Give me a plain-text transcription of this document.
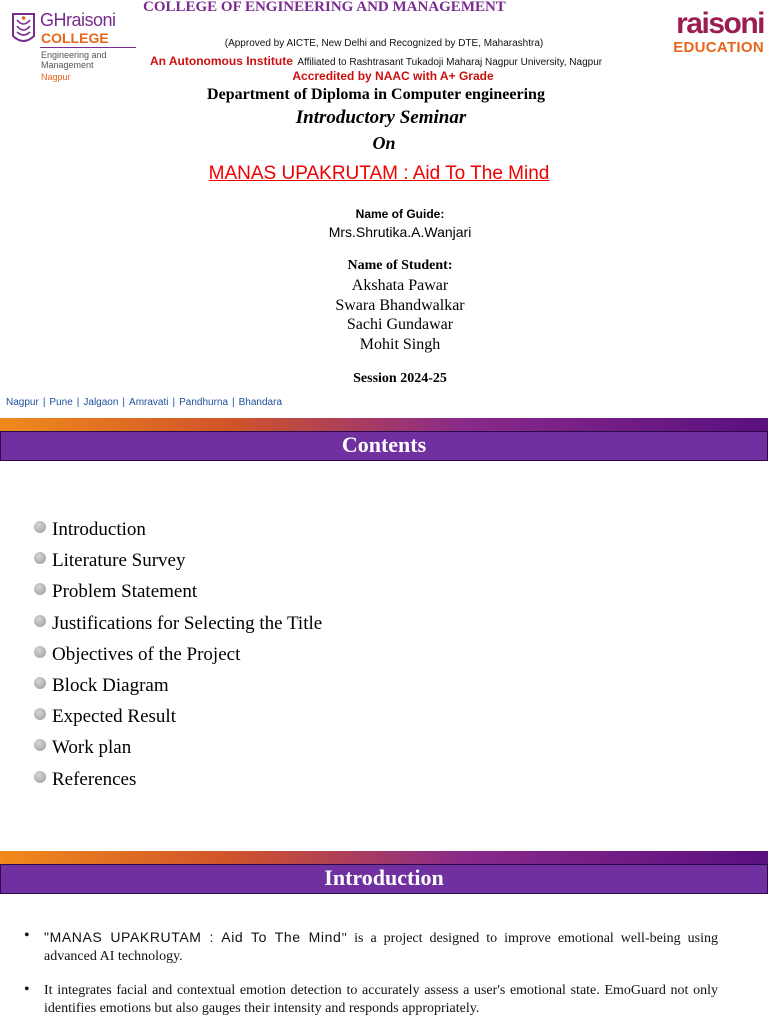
GHraisoni
COLLEGE
Engineering and Management
Nagpur
raisoni
EDUCATION
COLLEGE OF ENGINEERING AND MANAGEMENT
(Approved by AICTE, New Delhi and Recognized by DTE, Maharashtra)
An Autonomous Institute Affiliated to Rashtrasant Tukadoji Maharaj Nagpur University, Nagpur
Accredited by NAAC with A+ Grade
Department of Diploma in Computer engineering
Introductory Seminar
On
MANAS UPAKRUTAM : Aid To The Mind
Name of Guide:
Mrs.Shrutika.A.Wanjari
Name of Student:
Akshata Pawar
Swara Bhandwalkar
Sachi Gundawar
Mohit Singh
Session 2024-25
Nagpur | Pune | Jalgaon | Amravati | Pandhurna | Bhandara
Contents
Introduction
Literature Survey
Problem Statement
Justifications for Selecting the Title
Objectives of the Project
Block Diagram
Expected Result
Work plan
References
Introduction
• "MANAS UPAKRUTAM : Aid To The Mind" is a project designed to improve emotional well-being using advanced AI technology.
• It integrates facial and contextual emotion detection to accurately assess a user's emotional state. EmoGuard not only identifies emotions but also gauges their intensity and responds appropriately.
